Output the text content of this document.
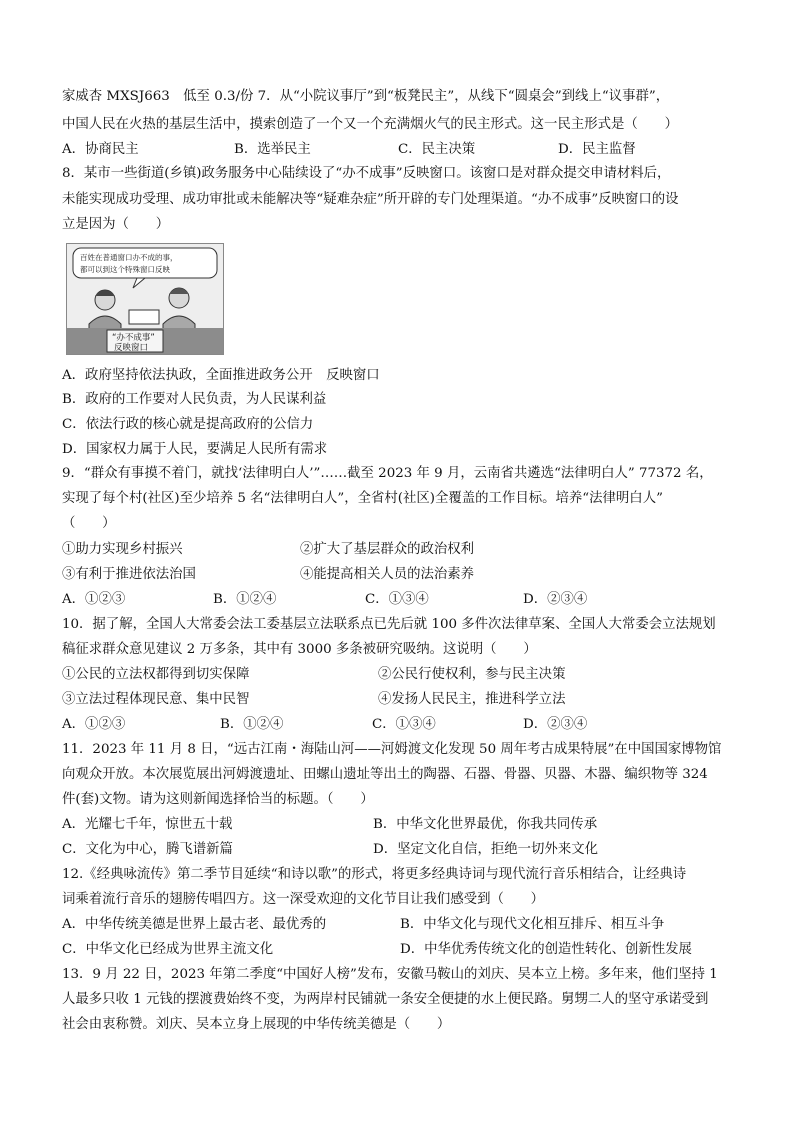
家威杏 MXSJ663　低至 0.3/份 7．从“小院议事厅”到“板凳民主”，从线下“圆桌会”到线上“议事群”，
中国人民在火热的基层生活中，摸索创造了一个又一个充满烟火气的民主形式。这一民主形式是（　　）
A．协商民主	B．选举民主	C．民主决策	D．民主监督
8．某市一些街道(乡镇)政务服务中心陆续设了“办不成事”反映窗口。该窗口是对群众提交申请材料后，
未能实现成功受理、成功审批或未能解决等“疑难杂症”所开辟的专门处理渠道。“办不成事”反映窗口的设
立是因为（　　）
百姓在普通窗口办不成的事，
都可以到这个特殊窗口反映
“办不成事”
反映窗口
A．政府坚持依法执政，全面推进政务公开　反映窗口
B．政府的工作要对人民负责，为人民谋利益
C．依法行政的核心就是提高政府的公信力
D．国家权力属于人民，要满足人民所有需求
9．“群众有事摸不着门，就找‘法律明白人’”……截至 2023 年 9 月，云南省共遴选“法律明白人” 77372 名，
实现了每个村(社区)至少培养 5 名“法律明白人”，全省村(社区)全覆盖的工作目标。培养“法律明白人”
（　　）
①助力实现乡村振兴	②扩大了基层群众的政治权利
③有利于推进依法治国	④能提高相关人员的法治素养
A．①②③	B．①②④	C．①③④	D．②③④
10．据了解，全国人大常委会法工委基层立法联系点已先后就 100 多件次法律草案、全国人大常委会立法规划
稿征求群众意见建议 2 万多条，其中有 3000 多条被研究吸纳。这说明（　　）
①公民的立法权都得到切实保障	②公民行使权利，参与民主决策
③立法过程体现民意、集中民智	④发扬人民民主，推进科学立法
A．①②③	B．①②④	C．①③④	D．②③④
11．2023 年 11 月 8 日，“远古江南・海陆山河——河姆渡文化发现 50 周年考古成果特展”在中国国家博物馆
向观众开放。本次展览展出河姆渡遗址、田螺山遗址等出土的陶器、石器、骨器、贝器、木器、编织物等 324
件(套)文物。请为这则新闻选择恰当的标题。（　　）
A．光耀七千年，惊世五十载	B．中华文化世界最优，你我共同传承
C．文化为中心，腾飞谱新篇	D．坚定文化自信，拒绝一切外来文化
12.《经典咏流传》第二季节目延续“和诗以歌”的形式，将更多经典诗词与现代流行音乐相结合，让经典诗
词乘着流行音乐的翅膀传唱四方。这一深受欢迎的文化节目让我们感受到（　　）
A．中华传统美德是世界上最古老、最优秀的	B．中华文化与现代文化相互排斥、相互斗争
C．中华文化已经成为世界主流文化	D．中华优秀传统文化的创造性转化、创新性发展
13．9 月 22 日，2023 年第二季度“中国好人榜”发布，安徽马鞍山的刘庆、吴本立上榜。多年来，他们坚持 1
人最多只收 1 元钱的摆渡费始终不变，为两岸村民铺就一条安全便捷的水上便民路。舅甥二人的坚守承诺受到
社会由衷称赞。刘庆、吴本立身上展现的中华传统美德是（　　）
